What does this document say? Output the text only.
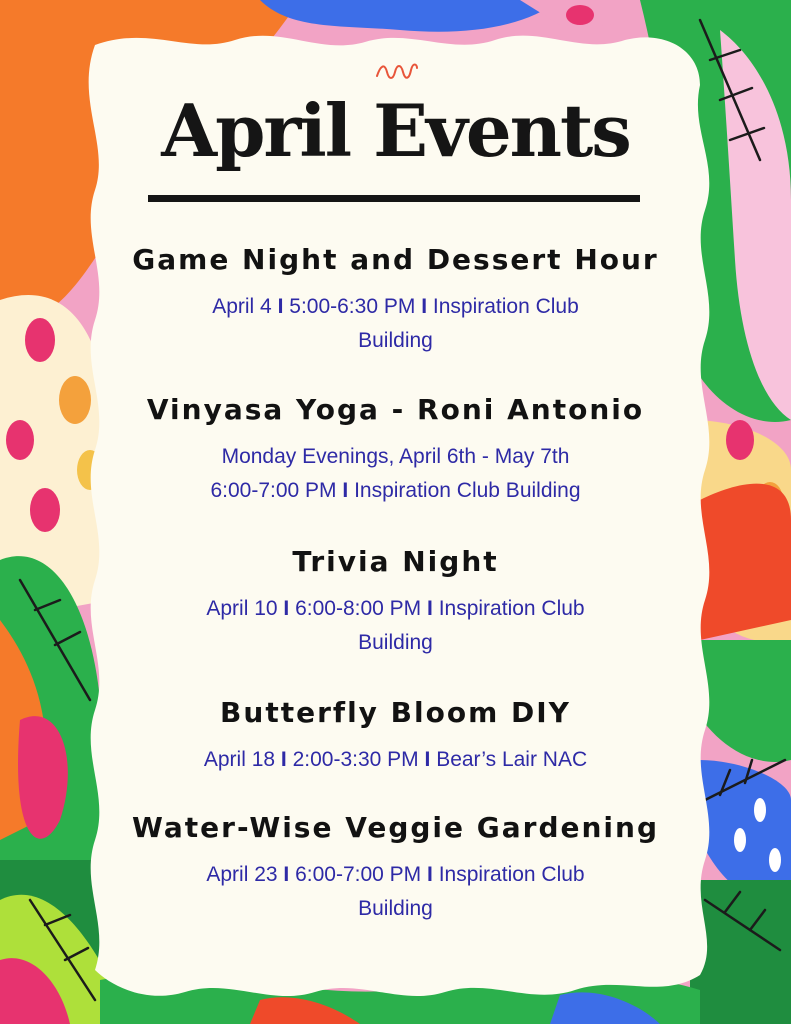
April Events
Game Night and Dessert Hour
April 4 I 5:00-6:30 PM I Inspiration Club
Building
Vinyasa Yoga - Roni Antonio
Monday Evenings, April 6th - May 7th
6:00-7:00 PM I Inspiration Club Building
Trivia Night
April 10 I 6:00-8:00 PM I Inspiration Club
Building
Butterfly Bloom DIY
April 18 I 2:00-3:30 PM I Bear’s Lair NAC
Water-Wise Veggie Gardening
April 23 I 6:00-7:00 PM I Inspiration Club
Building
